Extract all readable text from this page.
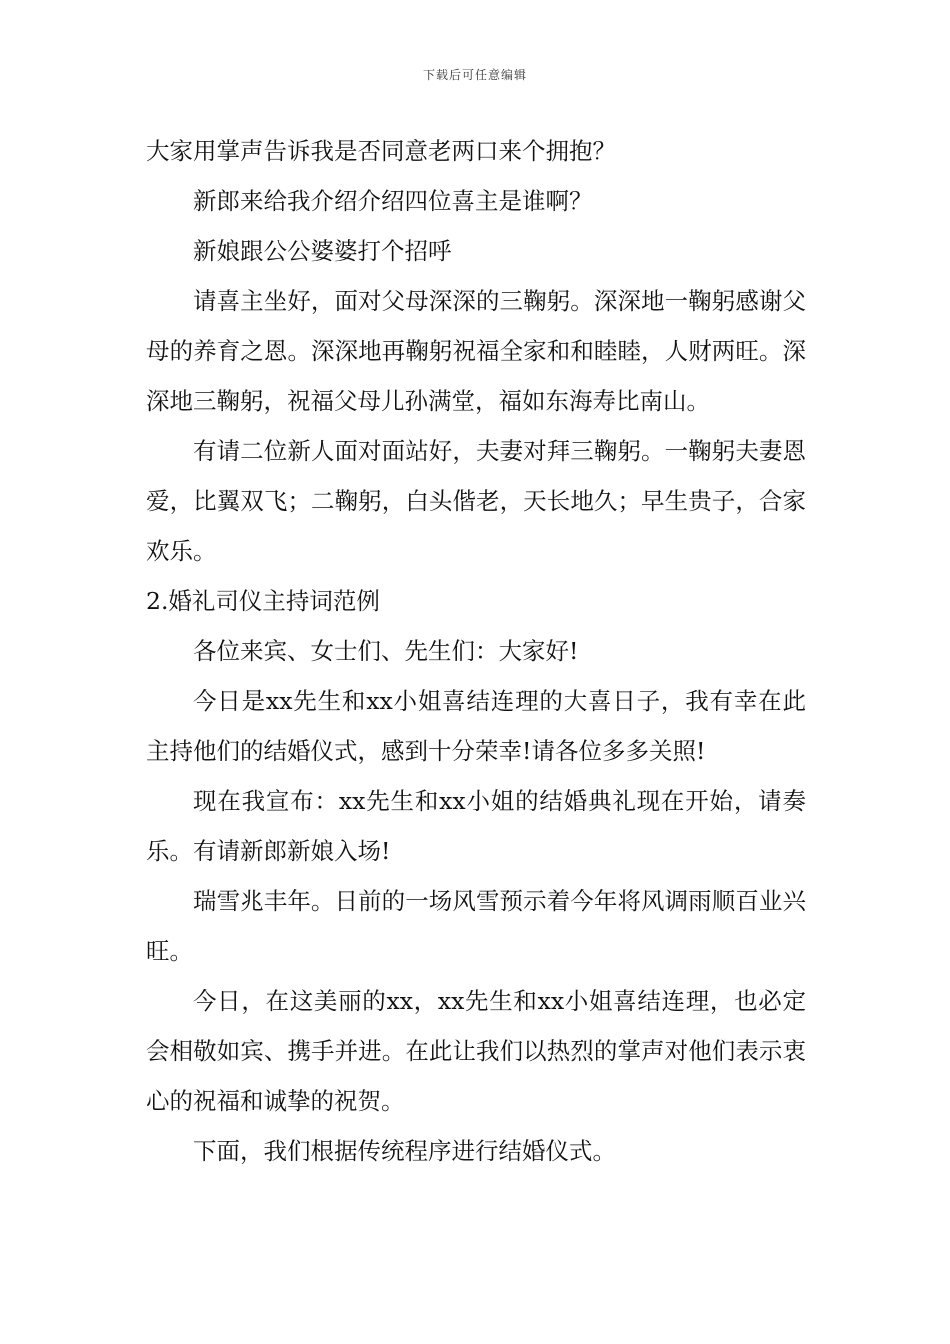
下载后可任意编辑

大家用掌声告诉我是否同意老两口来个拥抱？

新郎来给我介绍介绍四位喜主是谁啊？

新娘跟公公婆婆打个招呼

请喜主坐好，面对父母深深的三鞠躬。深深地一鞠躬感谢父母的养育之恩。深深地再鞠躬祝福全家和和睦睦，人财两旺。深深地三鞠躬，祝福父母儿孙满堂，福如东海寿比南山。

有请二位新人面对面站好，夫妻对拜三鞠躬。一鞠躬夫妻恩爱，比翼双飞；二鞠躬，白头偕老，天长地久；早生贵子，合家欢乐。

2.婚礼司仪主持词范例

各位来宾、女士们、先生们：大家好!

今日是xx先生和xx小姐喜结连理的大喜日子，我有幸在此主持他们的结婚仪式，感到十分荣幸!请各位多多关照!

现在我宣布：xx先生和xx小姐的结婚典礼现在开始，请奏乐。有请新郎新娘入场!

瑞雪兆丰年。日前的一场风雪预示着今年将风调雨顺百业兴旺。

今日，在这美丽的xx，xx先生和xx小姐喜结连理，也必定会相敬如宾、携手并进。在此让我们以热烈的掌声对他们表示衷心的祝福和诚挚的祝贺。

下面，我们根据传统程序进行结婚仪式。
